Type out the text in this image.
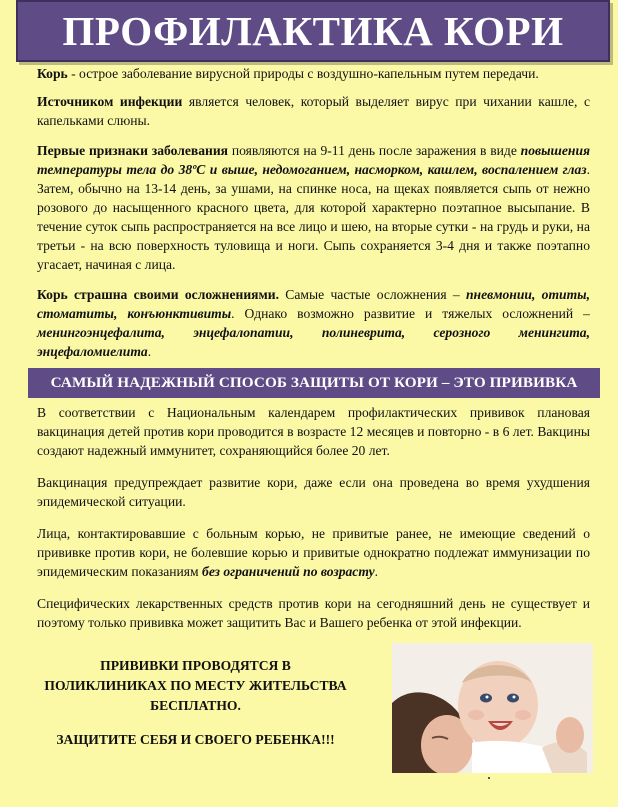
ПРОФИЛАКТИКА КОРИ

Корь - острое заболевание вирусной природы с воздушно-капельным путем передачи.

Источником инфекции является человек, который выделяет вирус при чихании кашле, с капельками слюны.

Первые признаки заболевания появляются на 9-11 день после заражения в виде повышения температуры тела до 38ºС и выше, недомоганием, насморком, кашлем, воспалением глаз. Затем, обычно на 13-14 день, за ушами, на спинке носа, на щеках появляется сыпь от нежно розового до насыщенного красного цвета, для которой характерно поэтапное высыпание. В течение суток сыпь распространяется на все лицо и шею, на вторые сутки - на грудь и руки, на третьи - на всю поверхность туловища и ноги. Сыпь сохраняется 3-4 дня и также поэтапно угасает, начиная с лица.

Корь страшна своими осложнениями. Самые частые осложнения – пневмонии, отиты, стоматиты, конъюнктивиты. Однако возможно развитие и тяжелых осложнений – менингоэнцефалита, энцефалопатии, полиневрита, серозного менингита, энцефаломиелита.

САМЫЙ НАДЕЖНЫЙ СПОСОБ ЗАЩИТЫ ОТ КОРИ – ЭТО ПРИВИВКА

В соответствии с Национальным календарем профилактических прививок плановая вакцинация детей против кори проводится в возрасте 12 месяцев и повторно - в 6 лет. Вакцины создают надежный иммунитет, сохраняющийся более 20 лет.

Вакцинация предупреждает развитие кори, даже если она проведена во время ухудшения эпидемической ситуации.

Лица, контактировавшие с больным корью, не привитые ранее, не имеющие сведений о прививке против кори, не болевшие корью и привитые однократно подлежат иммунизации по эпидемическим показаниям без ограничений по возрасту.

Специфических лекарственных средств против кори на сегодняшний день не существует и поэтому только прививка может защитить Вас и Вашего ребенка от этой инфекции.

ПРИВИВКИ ПРОВОДЯТСЯ В ПОЛИКЛИНИКАХ ПО МЕСТУ ЖИТЕЛЬСТВА БЕСПЛАТНО.
ЗАЩИТИТЕ СЕБЯ И СВОЕГО РЕБЕНКА!!!
